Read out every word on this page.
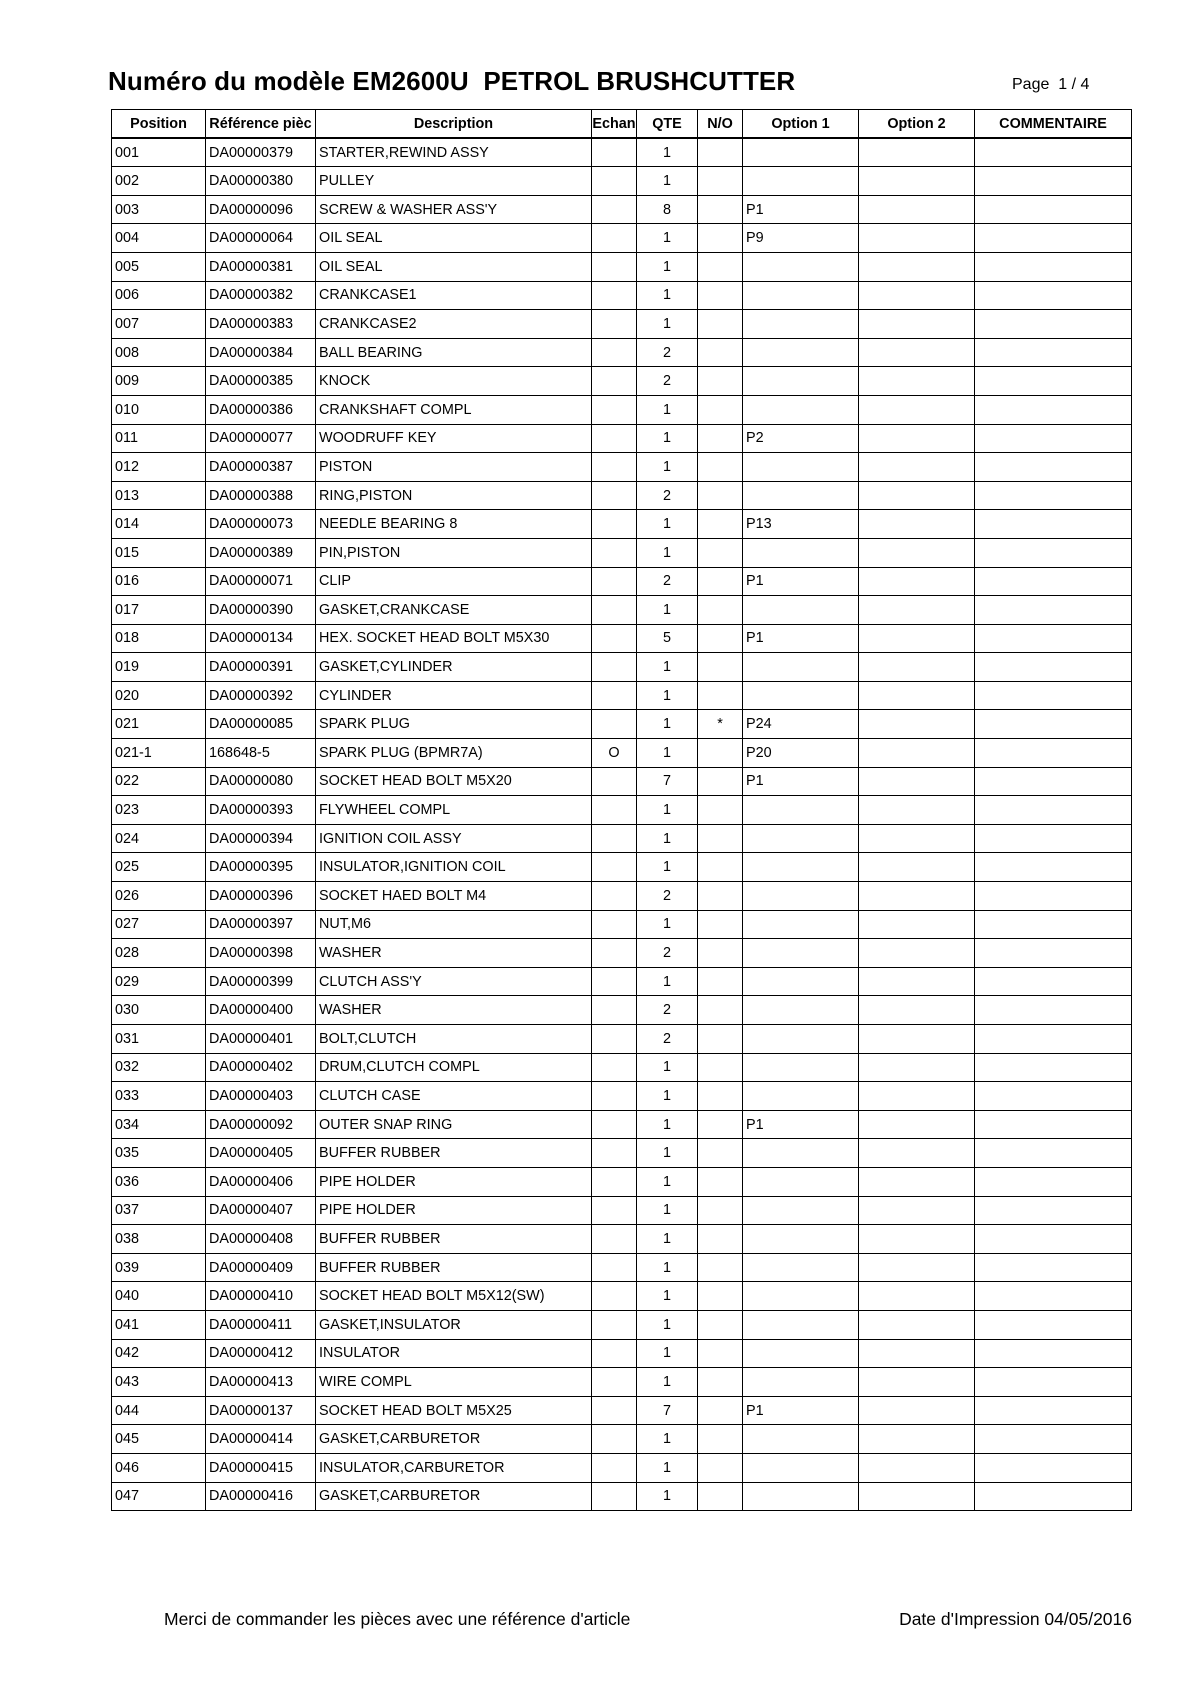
Numéro du modèle EM2600U  PETROL BRUSHCUTTER	Page  1 / 4
Position	Référence pièc	Description	Echan	QTE	N/O	Option 1	Option 2	COMMENTAIRE
001	DA00000379	STARTER,REWIND ASSY		1				
002	DA00000380	PULLEY		1				
003	DA00000096	SCREW & WASHER ASS'Y		8		P1		
004	DA00000064	OIL SEAL		1		P9		
005	DA00000381	OIL SEAL		1				
006	DA00000382	CRANKCASE1		1				
007	DA00000383	CRANKCASE2		1				
008	DA00000384	BALL BEARING		2				
009	DA00000385	KNOCK		2				
010	DA00000386	CRANKSHAFT COMPL		1				
011	DA00000077	WOODRUFF KEY		1		P2		
012	DA00000387	PISTON		1				
013	DA00000388	RING,PISTON		2				
014	DA00000073	NEEDLE BEARING 8		1		P13		
015	DA00000389	PIN,PISTON		1				
016	DA00000071	CLIP		2		P1		
017	DA00000390	GASKET,CRANKCASE		1				
018	DA00000134	HEX. SOCKET HEAD BOLT M5X30		5		P1		
019	DA00000391	GASKET,CYLINDER		1				
020	DA00000392	CYLINDER		1				
021	DA00000085	SPARK PLUG		1	*	P24		
021-1	168648-5	SPARK PLUG (BPMR7A)	O	1		P20		
022	DA00000080	SOCKET HEAD BOLT M5X20		7		P1		
023	DA00000393	FLYWHEEL COMPL		1				
024	DA00000394	IGNITION COIL ASSY		1				
025	DA00000395	INSULATOR,IGNITION COIL		1				
026	DA00000396	SOCKET HAED BOLT M4		2				
027	DA00000397	NUT,M6		1				
028	DA00000398	WASHER		2				
029	DA00000399	CLUTCH ASS'Y		1				
030	DA00000400	WASHER		2				
031	DA00000401	BOLT,CLUTCH		2				
032	DA00000402	DRUM,CLUTCH COMPL		1				
033	DA00000403	CLUTCH CASE		1				
034	DA00000092	OUTER SNAP RING		1		P1		
035	DA00000405	BUFFER RUBBER		1				
036	DA00000406	PIPE HOLDER		1				
037	DA00000407	PIPE HOLDER		1				
038	DA00000408	BUFFER RUBBER		1				
039	DA00000409	BUFFER RUBBER		1				
040	DA00000410	SOCKET HEAD BOLT M5X12(SW)		1				
041	DA00000411	GASKET,INSULATOR		1				
042	DA00000412	INSULATOR		1				
043	DA00000413	WIRE COMPL		1				
044	DA00000137	SOCKET HEAD BOLT M5X25		7		P1		
045	DA00000414	GASKET,CARBURETOR		1				
046	DA00000415	INSULATOR,CARBURETOR		1				
047	DA00000416	GASKET,CARBURETOR		1				
Merci de commander les pièces avec une référence d'article	Date d'Impression 04/05/2016
